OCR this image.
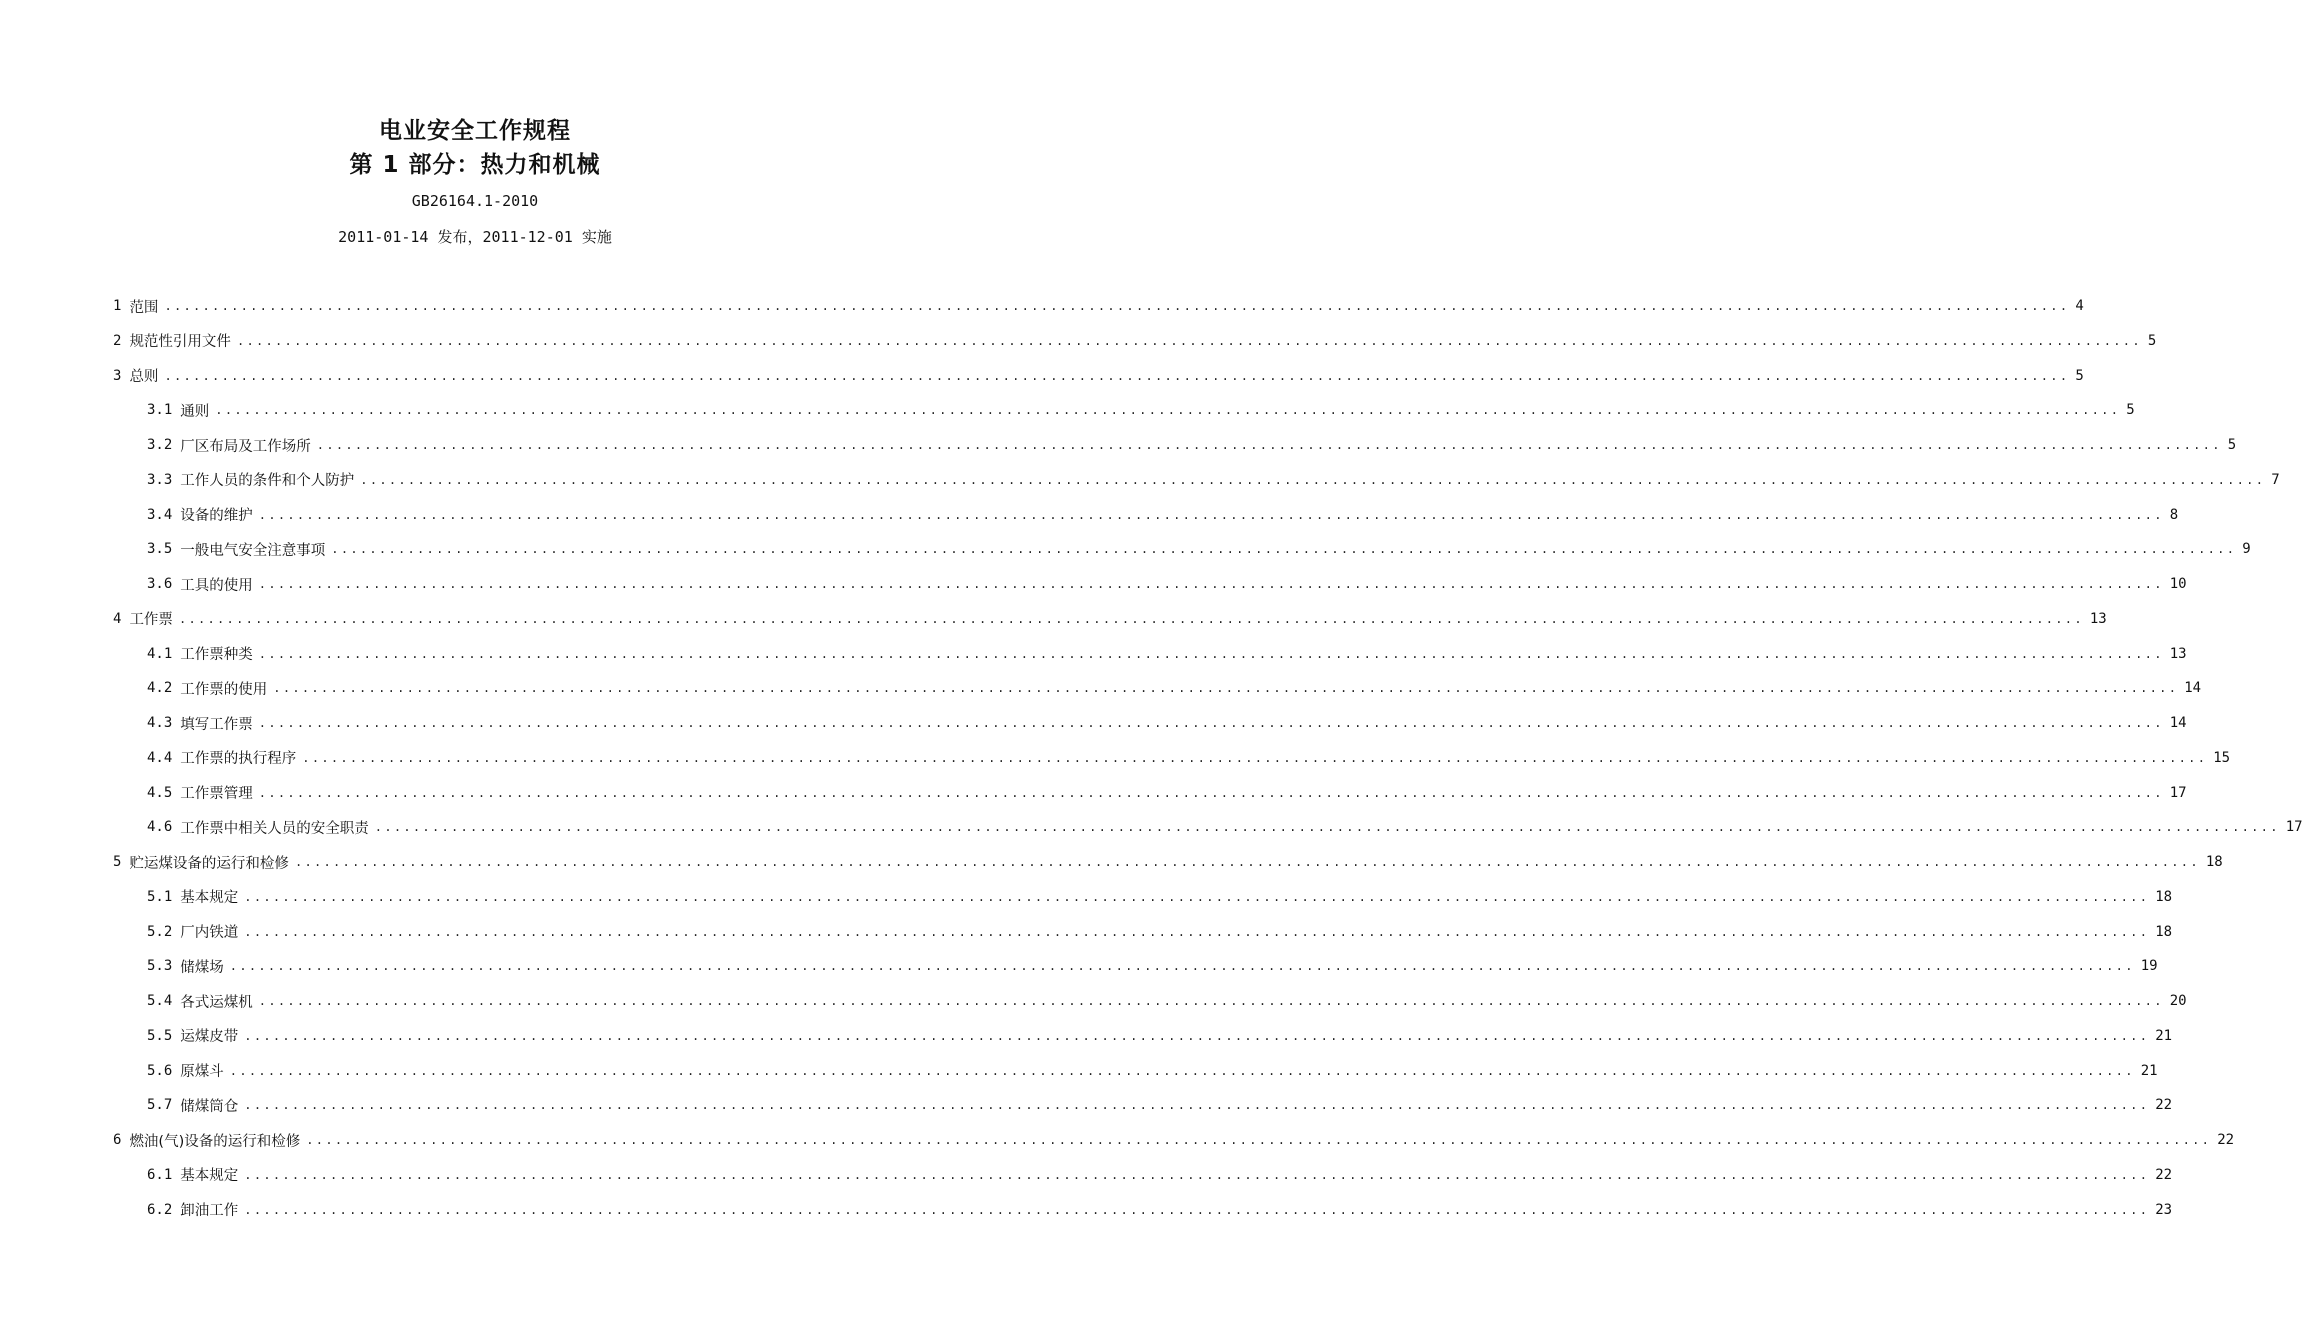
电业安全工作规程
第 1 部分：热力和机械
GB26164.1-2010
2011-01-14 发布，2011-12-01 实施
1 范围 ........................................................................................................................................................................................................ 4
2 规范性引用文件 ........................................................................................................................................................................................................ 5
3 总则 ........................................................................................................................................................................................................ 5
3.1 通则 ........................................................................................................................................................................................................ 5
3.2 厂区布局及工作场所 ........................................................................................................................................................................................................ 5
3.3 工作人员的条件和个人防护 ........................................................................................................................................................................................................ 7
3.4 设备的维护 ........................................................................................................................................................................................................ 8
3.5 一般电气安全注意事项 ........................................................................................................................................................................................................ 9
3.6 工具的使用 ........................................................................................................................................................................................................ 10
4 工作票 ........................................................................................................................................................................................................ 13
4.1 工作票种类 ........................................................................................................................................................................................................ 13
4.2 工作票的使用 ........................................................................................................................................................................................................ 14
4.3 填写工作票 ........................................................................................................................................................................................................ 14
4.4 工作票的执行程序 ........................................................................................................................................................................................................ 15
4.5 工作票管理 ........................................................................................................................................................................................................ 17
4.6 工作票中相关人员的安全职责 ........................................................................................................................................................................................................ 17
5 贮运煤设备的运行和检修 ........................................................................................................................................................................................................ 18
5.1 基本规定 ........................................................................................................................................................................................................ 18
5.2 厂内铁道 ........................................................................................................................................................................................................ 18
5.3 储煤场 ........................................................................................................................................................................................................ 19
5.4 各式运煤机 ........................................................................................................................................................................................................ 20
5.5 运煤皮带 ........................................................................................................................................................................................................ 21
5.6 原煤斗 ........................................................................................................................................................................................................ 21
5.7 储煤筒仓 ........................................................................................................................................................................................................ 22
6 燃油(气)设备的运行和检修 ........................................................................................................................................................................................................ 22
6.1 基本规定 ........................................................................................................................................................................................................ 22
6.2 卸油工作 ........................................................................................................................................................................................................ 23
